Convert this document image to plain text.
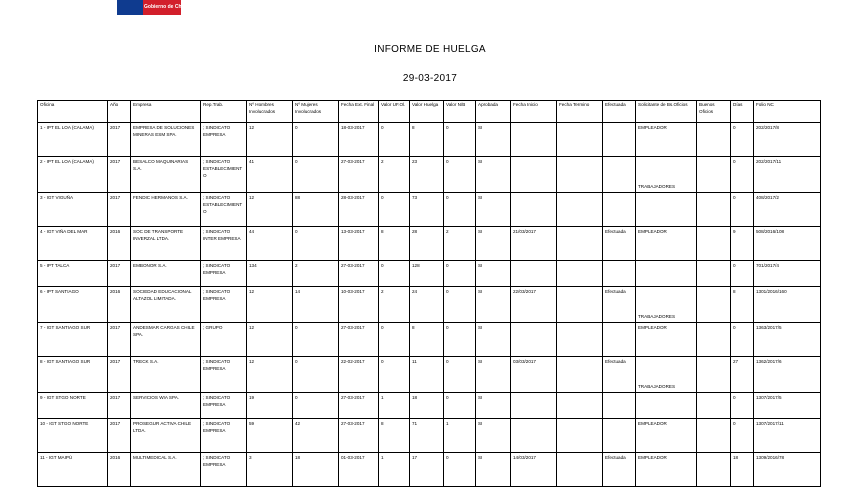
Gobierno de Chile
INFORME DE HUELGA
29-03-2017
Oficina	Año	Empresa	Rep.Trab.	Nº Hombres Involucrados	Nº Mujeres Involucrados	Fecha Ext. Final	Valor UF.Ol.	Valor Huelga	Valor N/B	Aprobada	Fecha Inicio	Fecha Termino	Efectuada	Solicitante de Bs.Oficios	Buenos Oficios	Días	Folio NC
1 - IPT EL LOA (CALAMA)	2017	EMPRESA DE SOLUCIONES MINERAS ESM SPA.	; SINDICATO EMPRESA	12	0	18-03-2017	0	8	0	SI				EMPLEADOR		0	202/2017/8
2 - IPT EL LOA (CALAMA)	2017	BESALCO MAQUINARIAS S.A.	; SINDICATO ESTABLECIMIENTO	41	0	27-03-2017	2	23	0	SI				TRABAJADORES		0	202/2017/11
3 - IGT VIGUÑA	2017	FENDIC HERMANOS S.A.	; SINDICATO ESTABLECIMIENTO	12	88	28-03-2017	0	73	0	SI						0	408/2017/2
4 - IGT VIÑA DEL MAR	2016	SOC DE TRANSPORTE INVERZAL LTDA.	; SINDICATO INTER EMPRESA	44	0	13-03-2017	8	28	2	SI	21/03/2017		Efectuada	EMPLEADOR		9	508/2016/108
5 - IPT TALCA	2017	EMBONOR S.A.	; SINDICATO EMPRESA	134	2	27-03-2017	0	128	0	SI						0	701/2017/4
6 - IPT SANTIAGO	2016	SOCIEDAD EDUCACIONAL ALTAZOL LIMITADA.	; SINDICATO EMPRESA	12	14	10-03-2017	2	24	0	SI	22/03/2017		Efectuada	TRABAJADORES		8	1301/2016/160
7 - IGT SANTIAGO SUR	2017	ANDESMAR CARGAS CHILE SPA.	; GRUPO	12	0	27-03-2017	0	8	0	SI				EMPLEADOR		0	1363/2017/5
8 - IGT SANTIAGO SUR	2017	TRECK S.A.	; SINDICATO EMPRESA	12	0	22-02-2017	0	11	0	SI	03/03/2017		Efectuada	TRABAJADORES		27	1362/2017/6
9 - IGT STGO NORTE	2017	SERVICIOS WIA SPA.	; SINDICATO EMPRESA	19	0	27-03-2017	1	18	0	SI						0	1307/2017/5
10 - IGT STGO NORTE	2017	PROSEGUR ACTIVA CHILE LTDA.	; SINDICATO EMPRESA	59	42	27-03-2017	8	71	1	SI				EMPLEADOR		0	1307/2017/11
11 - IGT MAIPÚ	2016	MULTIMEDICAL S.A.	; SINDICATO EMPRESA	3	18	01-03-2017	1	17	0	SI	14/03/2017		Efectuada	EMPLEADOR		18	1309/2016/78
